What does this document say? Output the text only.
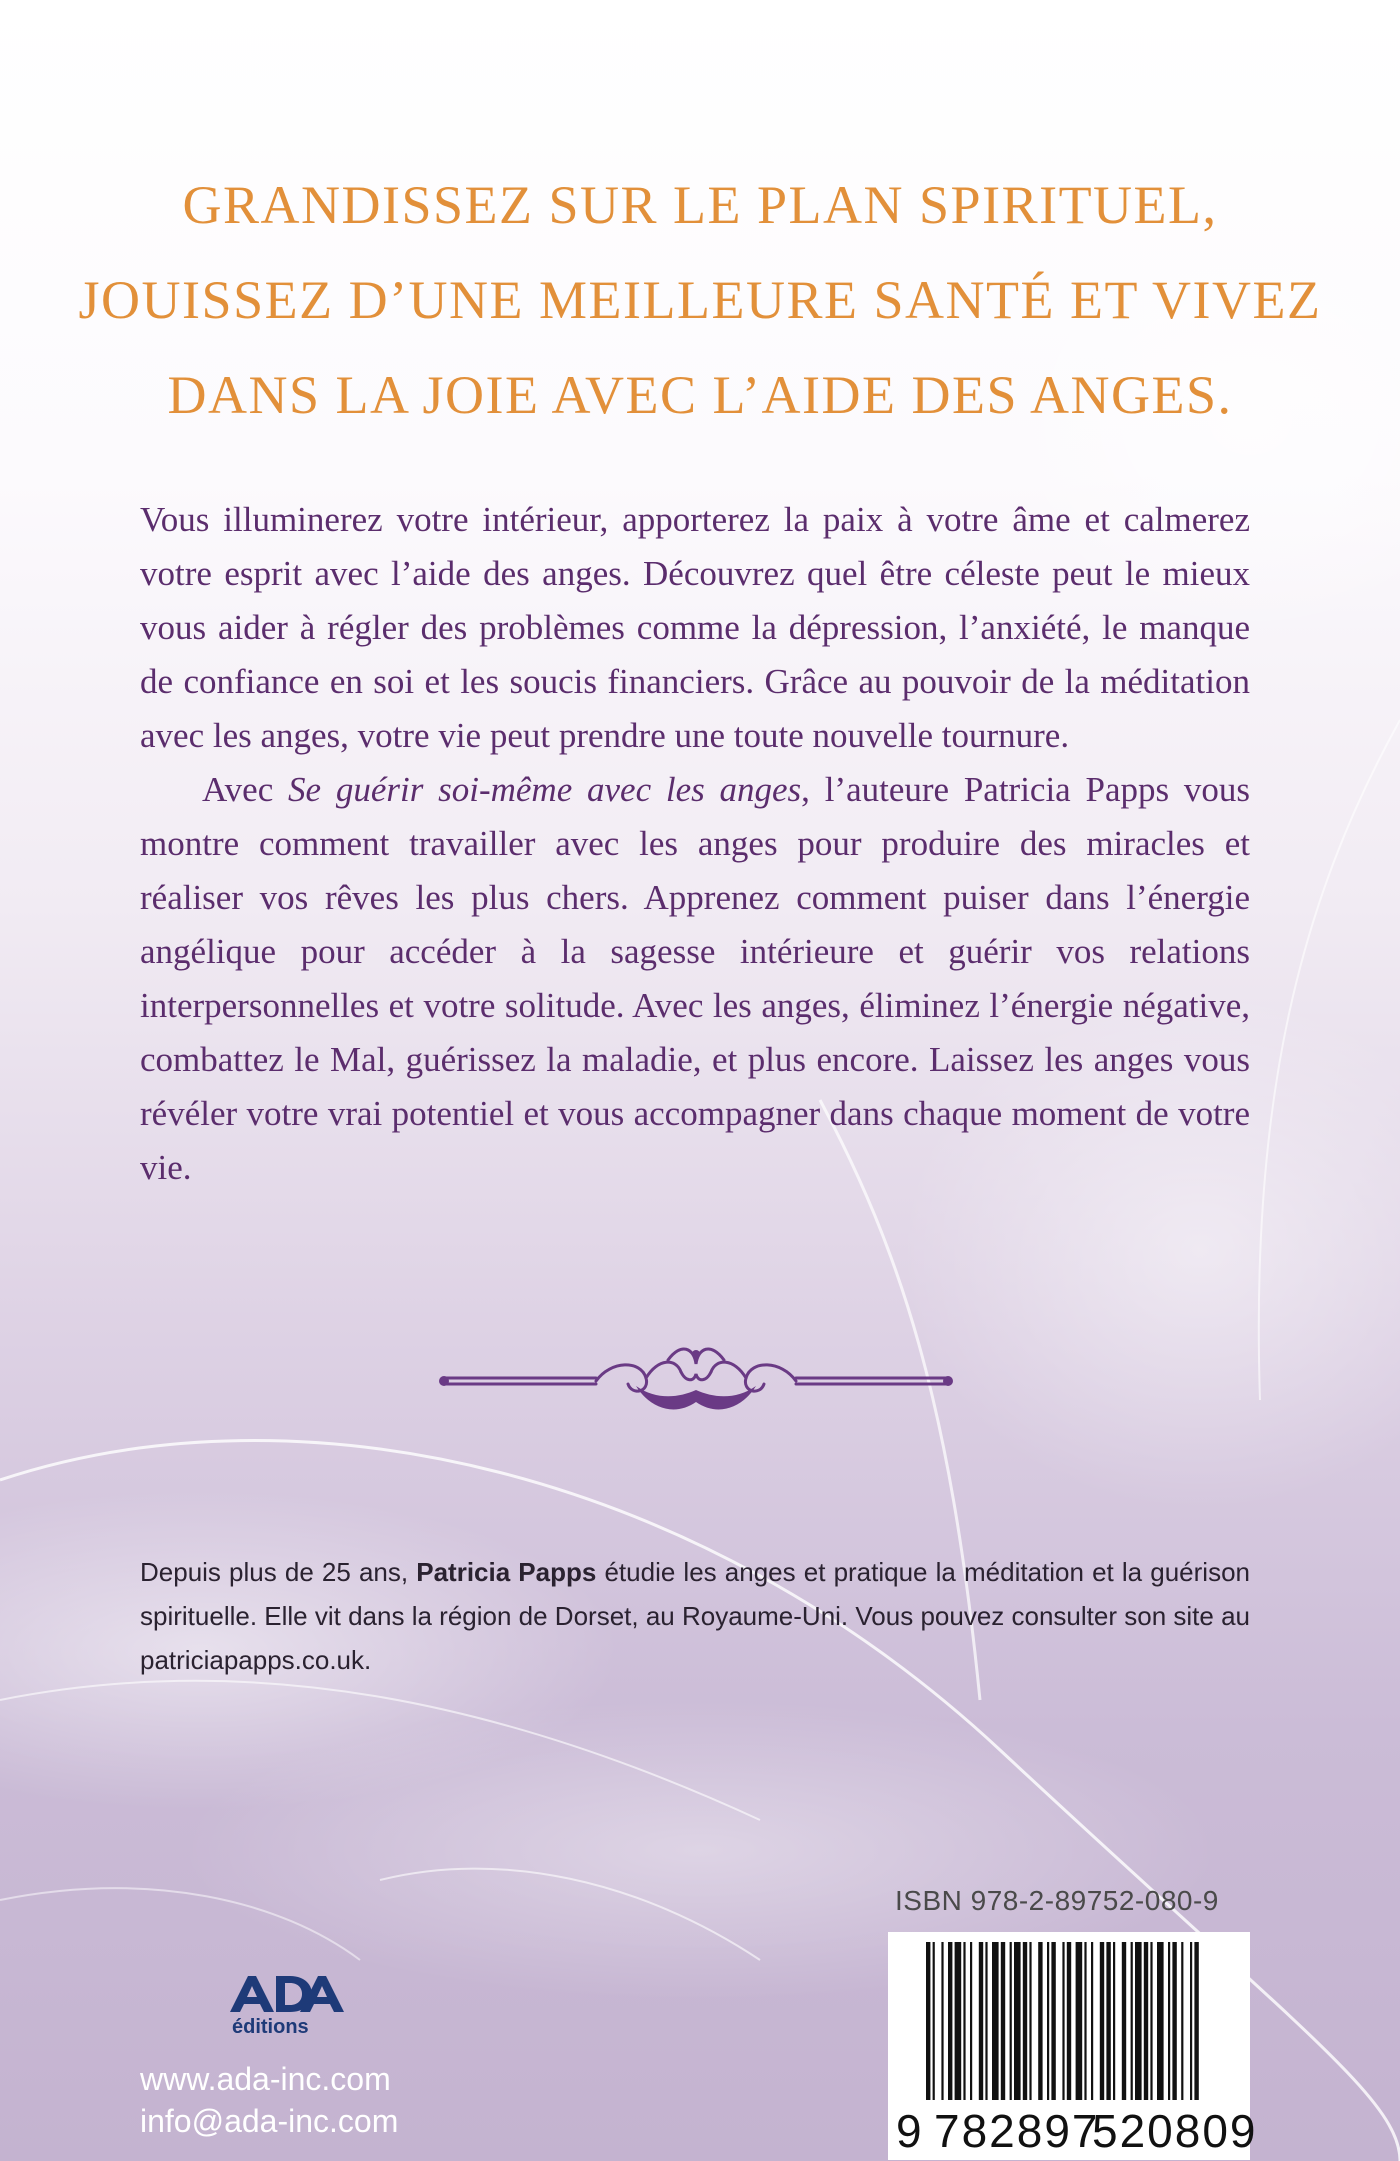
GRANDISSEZ SUR LE PLAN SPIRITUEL,
JOUISSEZ D’UNE MEILLEURE SANTÉ ET VIVEZ
DANS LA JOIE AVEC L’AIDE DES ANGES.

Vous illuminerez votre intérieur, apporterez la paix à votre âme et calmerez votre esprit avec l’aide des anges. Découvrez quel être céleste peut le mieux vous aider à régler des problèmes comme la dépression, l’anxiété, le manque de confiance en soi et les soucis financiers. Grâce au pouvoir de la méditation avec les anges, votre vie peut prendre une toute nouvelle tournure.

Avec Se guérir soi-même avec les anges, l’auteure Patricia Papps vous montre comment travailler avec les anges pour produire des miracles et réaliser vos rêves les plus chers. Apprenez comment puiser dans l’énergie angélique pour accéder à la sagesse intérieure et guérir vos relations interpersonnelles et votre solitude. Avec les anges, éliminez l’énergie négative, combattez le Mal, guérissez la maladie, et plus encore. Laissez les anges vous révéler votre vrai potentiel et vous accompagner dans chaque moment de votre vie.

Depuis plus de 25 ans, Patricia Papps étudie les anges et pratique la méditation et la guérison spirituelle. Elle vit dans la région de Dorset, au Royaume-Uni. Vous pouvez consulter son site au patriciapapps.co.uk.
ISBN 978-2-89752-080-9
9 782897
520809
éditions
www.ada-inc.com
info@ada-inc.com
